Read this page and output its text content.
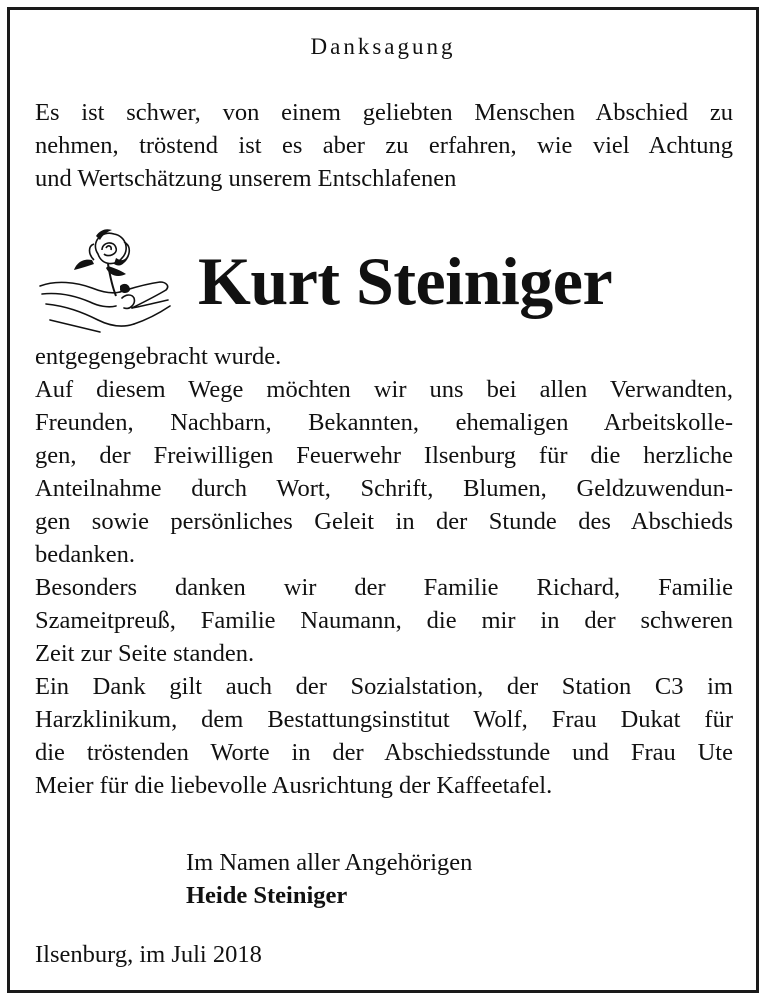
Danksagung

Es ist schwer, von einem geliebten Menschen Abschied zu
nehmen, tröstend ist es aber zu erfahren, wie viel Achtung
und Wertschätzung unserem Entschlafenen

Kurt Steiniger

entgegengebracht wurde.
Auf diesem Wege möchten wir uns bei allen Verwandten,
Freunden, Nachbarn, Bekannten, ehemaligen Arbeitskolle-
gen, der Freiwilligen Feuerwehr Ilsenburg für die herzliche
Anteilnahme durch Wort, Schrift, Blumen, Geldzuwendun-
gen sowie persönliches Geleit in der Stunde des Abschieds
bedanken.
Besonders danken wir der Familie Richard, Familie
Szameitpreuß, Familie Naumann, die mir in der schweren
Zeit zur Seite standen.
Ein Dank gilt auch der Sozialstation, der Station C3 im
Harzklinikum, dem Bestattungsinstitut Wolf, Frau Dukat für
die tröstenden Worte in der Abschiedsstunde und Frau Ute
Meier für die liebevolle Ausrichtung der Kaffeetafel.

Im Namen aller Angehörigen
Heide Steiniger
Ilsenburg, im Juli 2018
